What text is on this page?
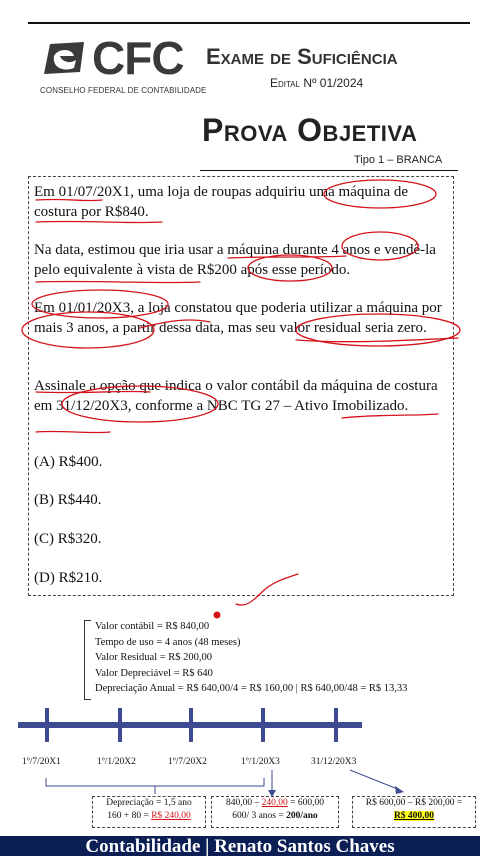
CFC
CONSELHO FEDERAL DE CONTABILIDADE
Exame de Suficiência
Edital Nº 01/2024
Prova Objetiva
Tipo 1 – BRANCA
Em 01/07/20X1, uma loja de roupas adquiriu uma máquina de costura por R$840.
Na data, estimou que iria usar a máquina durante 4 anos e vendê-la pelo equivalente à vista de R$200 após esse período.
Em 01/01/20X3, a loja constatou que poderia utilizar a máquina por mais 3 anos, a partir dessa data, mas seu valor residual seria zero.
Assinale a opção que indica o valor contábil da máquina de costura em 31/12/20X3, conforme a NBC TG 27 – Ativo Imobilizado.
(A) R$400.
(B) R$440.
(C) R$320.
(D) R$210.
Valor contábil = R$ 840,00
Tempo de uso = 4 anos (48 meses)
Valor Residual = R$ 200,00
Valor Depreciável = R$ 640
Depreciação Anual = R$ 640,00/4 = R$ 160,00 | R$ 640,00/48 = R$ 13,33
1º/7/20X1	1º/1/20X2	1º/7/20X2	1º/1/20X3	31/12/20X3
Depreciação = 1,5 ano
160 + 80 = R$ 240,00
840,00 – 240,00 = 600,00
600/ 3 anos = 200/ano
R$ 600,00 – R$ 200,00 =
R$ 400,00
Contabilidade | Renato Santos Chaves
